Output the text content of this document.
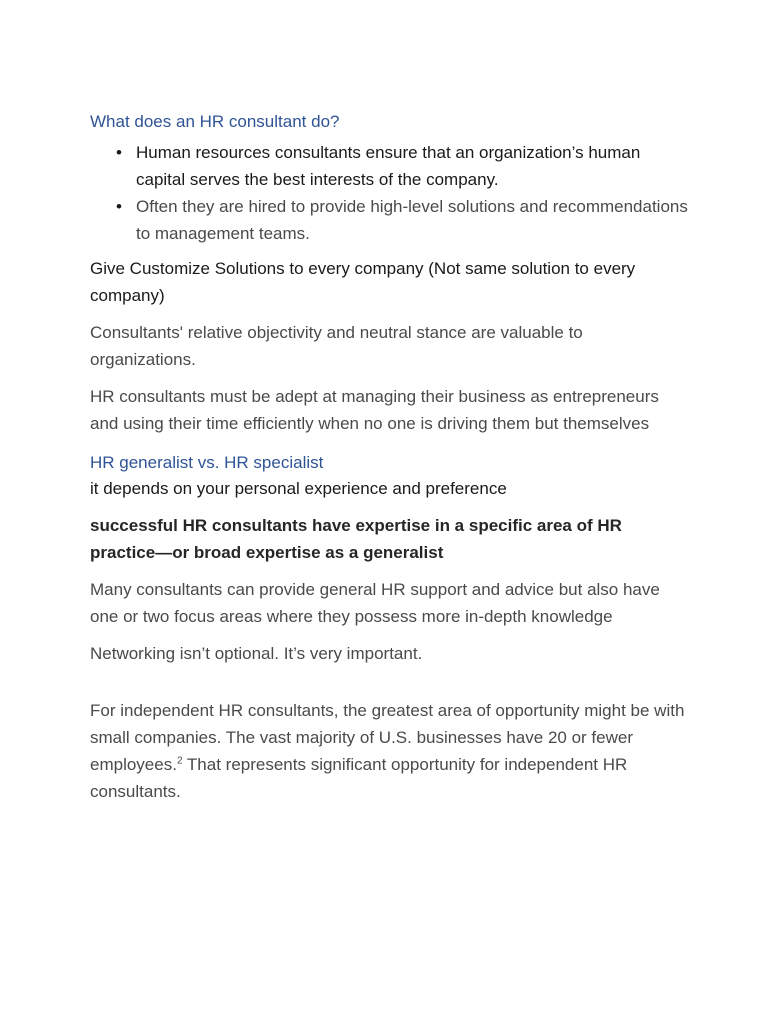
What does an HR consultant do?

• Human resources consultants ensure that an organization’s human capital serves the best interests of the company.
• Often they are hired to provide high-level solutions and recommendations to management teams.

Give Customize Solutions to every company (Not same solution to every company)

Consultants' relative objectivity and neutral stance are valuable to organizations.

HR consultants must be adept at managing their business as entrepreneurs and using their time efficiently when no one is driving them but themselves

HR generalist vs. HR specialist

it depends on your personal experience and preference

successful HR consultants have expertise in a specific area of HR practice—or broad expertise as a generalist

Many consultants can provide general HR support and advice but also have one or two focus areas where they possess more in-depth knowledge

Networking isn’t optional. It’s very important.

For independent HR consultants, the greatest area of opportunity might be with small companies. The vast majority of U.S. businesses have 20 or fewer employees.$^2$ That represents significant opportunity for independent HR consultants.
